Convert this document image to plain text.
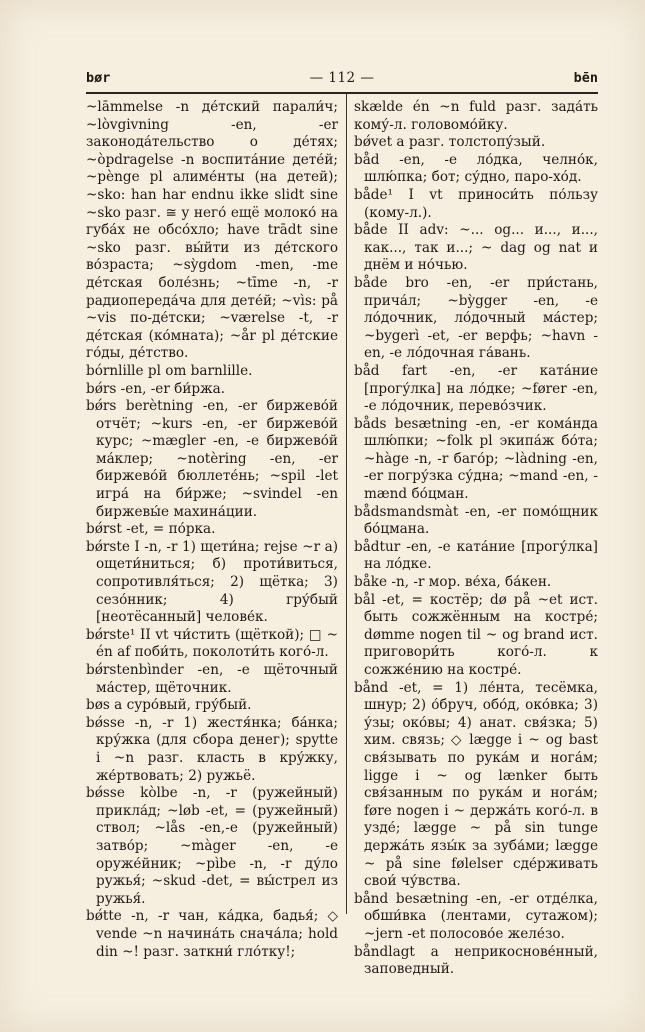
bør	— 112 —	bēn

~lāmmelse -n де́тский парали́ч; ~lòvgivning -en, -er законода́тельство о де́тях; ~òpdragelse -n воспита́ние дете́й; ~pènge pl алиме́нты (на детей); ~sko: han har endnu ikke slidt sine ~sko разг. ≅ у него́ ещё молоко́ на губа́х не обсо́хло; have trādt sine ~sko разг. вы́йти из де́тского во́зраста; ~sỳgdom -men, -me де́тская боле́знь; ~tīme -n, -r радиопереда́ча для дете́й; ~vìs: på ~vis по-де́тски; ~værelse -t, -r де́тская (ко́мната); ~år pl де́тские го́ды, де́тство.

bórnlille pl om barnlille.

bǿrs -en, -er би́ржа.

bǿrs berètning -en, -er биржево́й отчёт; ~kurs -en, -er биржево́й курс; ~mægler -en, -e биржево́й ма́клер; ~notèring -en, -er биржево́й бюллете́нь; ~spil -let игра́ на би́рже; ~svindel -en биржевы́е махина́ции.

bǿrst -et, = по́рка.

bǿrste I -n, -r 1) щети́на; rejse ~r а) ощети́ниться; б) проти́виться, сопротивля́ться; 2) щётка; 3) сезо́нник; 4) гру́бый [неотёсанный] челове́к.

bǿrste¹ II vt чи́стить (щёткой); □ ~ én af поби́ть, поколоти́ть кого́-л.

bǿrstenbìnder -en, -e щёточный ма́стер, щёточник.

bøs a суро́вый, гру́бый.

bǿsse -n, -r 1) жестя́нка; ба́нка; кру́жка (для сбора денег); spytte i ~n разг. класть в кру́жку, же́ртвовать; 2) ружьё.

bǿsse kòlbe -n, -r (ружейный) прикла́д; ~løb -et, = (ружейный) ствол; ~lås -en,-e (ружейный) затво́р; ~màger -en, -e оруже́йник; ~pìbe -n, -r ду́ло ружья́; ~skud -det, = вы́стрел из ружья́.

bǿtte -n, -r чан, ка́дка, бадья́; ◇ vende ~n начина́ть снача́ла; hold din ~! разг. заткни́ гло́тку!;

skælde én ~n fuld разг. зада́ть кому́-л. головомо́йку.

bǿvet a разг. толстопу́зый.

båd -en, -e ло́дка, челно́к, шлю́пка; бот; су́дно, паро-хо́д.

både¹ I vt приноси́ть по́льзу (кому-л.).

både II adv: ~... og... и..., и..., как..., так и...; ~ dag og nat и днём и но́чью.

både bro -en, -er при́стань, прича́л; ~bỳgger -en, -e ло́дочник, ло́дочный ма́стер; ~bygerì -et, -er верфь; ~havn -en, -e ло́дочная га́вань.

båd fart -en, -er ката́ние [прогу́лка] на ло́дке; ~fører -en, -e ло́дочник, перево́зчик.

båds besætning -en, -er кома́нда шлю́пки; ~folk pl экипа́ж бо́та; ~hàge -n, -r баго́р; ~làdning -en, -er погру́зка су́дна; ~mand -en, -mænd бо́цман.

bådsmandsmàt -en, -er помо́щник бо́цмана.

bådtur -en, -e ката́ние [прогу́лка] на ло́дке.

båke -n, -r мор. ве́ха, ба́кен.

bål -et, = костёр; dø på ~et ист. быть сожжённым на костре́; dømme nogen til ~ og brand ист. приговори́ть кого́-л. к сожже́нию на костре́.

bånd -et, = 1) ле́нта, тесёмка, шнур; 2) о́бруч, обо́д, око́вка; 3) у́зы; око́вы; 4) анат. свя́зка; 5) хим. связь; ◇ lægge i ~ og bast свя́зывать по рука́м и нога́м; ligge i ~ og lænker быть свя́занным по рука́м и нога́м; føre nogen i ~ держа́ть кого́-л. в узде́; lægge ~ på sin tunge держа́ть язы́к за зуба́ми; lægge ~ på sine følelser сде́рживать свои́ чу́вства.

bånd besætning -en, -er отде́лка, обши́вка (лентами, сутажом); ~jern -et полосово́е желе́зо.

båndlagt a неприкоснове́нный, заповедный.
